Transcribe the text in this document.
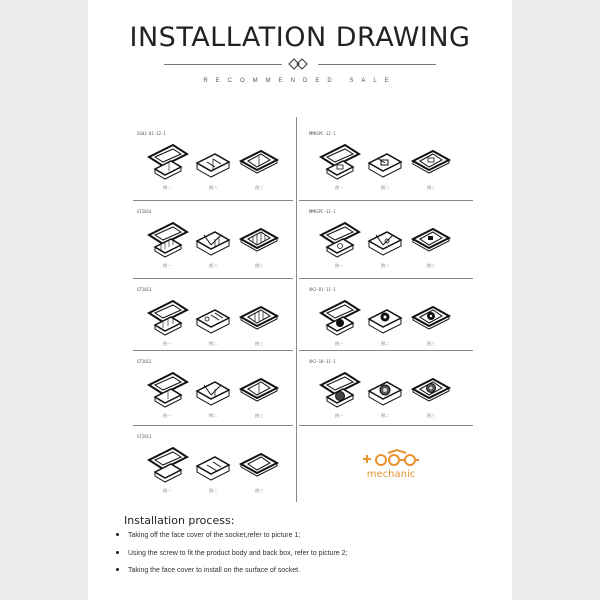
INSTALLATION DRAWING
RECOMMENDED SALE
GS02-01-12-1
图一	图二	图三
MMKSPC-12-1
图一	图二	图三
GT2014
图一	图二	图三
MMKSPC-12-1
图一	图二	图三
GT2013
图一	图二	图三
VK2-01-12-1
图一	图二	图三
GT2012
图一	图二	图三
VK2-10-12-1
图一	图二	图三
GT2011
图一	图二	图三
mechanic
Installation process:
Taking off the face cover of the socket,refer to picture 1;
Using the screw to fit the product body and back box, refer to picture 2;
Taking the face cover to install on the surface of socket.
